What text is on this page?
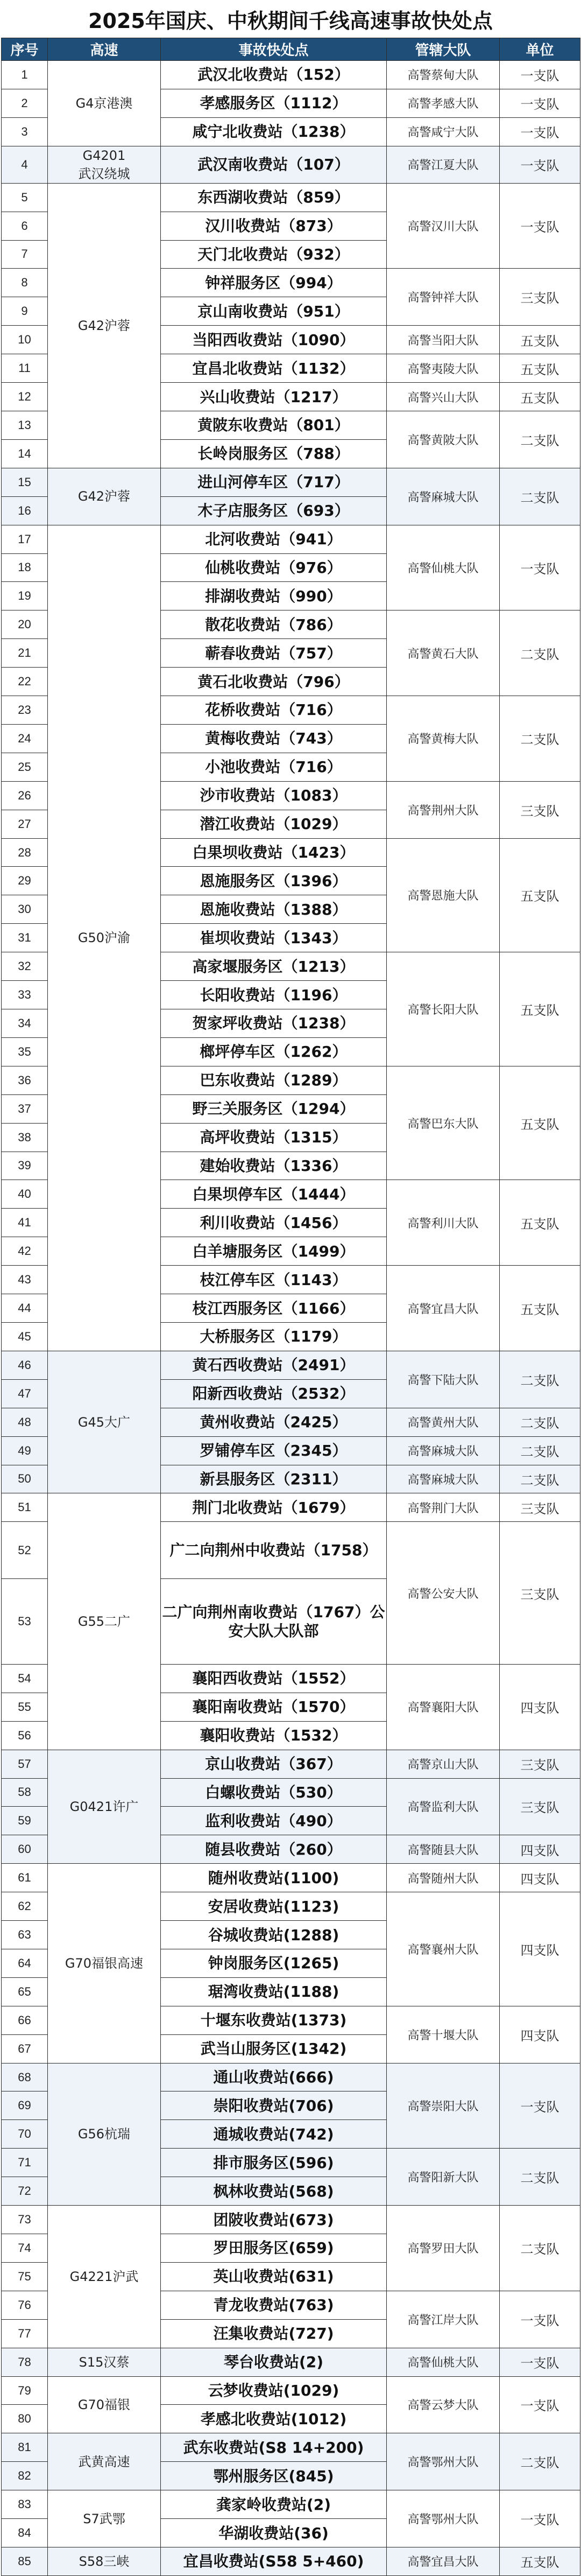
2025年国庆、中秋期间千线高速事故快处点
序号	高速	事故快处点	管辖大队	单位
1	G4京港澳	武汉北收费站（152）	高警蔡甸大队	一支队
2		孝感服务区（1112）	高警孝感大队	一支队
3		咸宁北收费站（1238）	高警咸宁大队	一支队
4	G4201
武汉绕城	武汉南收费站（107）	高警江夏大队	一支队
5	G42沪蓉	东西湖收费站（859）	高警汉川大队	一支队
6		汉川收费站（873）		
7		天门北收费站（932）		
8		钟祥服务区（994）	高警钟祥大队	三支队
9		京山南收费站（951）		
10		当阳西收费站（1090）	高警当阳大队	五支队
11		宜昌北收费站（1132）	高警夷陵大队	五支队
12		兴山收费站（1217）	高警兴山大队	五支队
13		黄陂东收费站（801）	高警黄陂大队	二支队
14		长岭岗服务区（788）		
15	G42沪蓉	进山河停车区（717）	高警麻城大队	二支队
16		木子店服务区（693）		
17	G50沪渝	北河收费站（941）	高警仙桃大队	一支队
18		仙桃收费站（976）		
19		排湖收费站（990）		
20		散花收费站（786）	高警黄石大队	二支队
21		蕲春收费站（757）		
22		黄石北收费站（796）		
23		花桥收费站（716）	高警黄梅大队	二支队
24		黄梅收费站（743）		
25		小池收费站（716）		
26		沙市收费站（1083）	高警荆州大队	三支队
27		潜江收费站（1029）		
28		白果坝收费站（1423）	高警恩施大队	五支队
29		恩施服务区（1396）		
30		恩施收费站（1388）		
31		崔坝收费站（1343）		
32		高家堰服务区（1213）	高警长阳大队	五支队
33		长阳收费站（1196）		
34		贺家坪收费站（1238）		
35		榔坪停车区（1262）		
36		巴东收费站（1289）	高警巴东大队	五支队
37		野三关服务区（1294）		
38		高坪收费站（1315）		
39		建始收费站（1336）		
40		白果坝停车区（1444）	高警利川大队	五支队
41		利川收费站（1456）		
42		白羊塘服务区（1499）		
43		枝江停车区（1143）	高警宜昌大队	五支队
44		枝江西服务区（1166）		
45		大桥服务区（1179）		
46	G45大广	黄石西收费站（2491）	高警下陆大队	二支队
47		阳新西收费站（2532）		
48		黄州收费站（2425）	高警黄州大队	二支队
49		罗铺停车区（2345）	高警麻城大队	二支队
50		新县服务区（2311）	高警麻城大队	二支队
51	G55二广	荆门北收费站（1679）	高警荆门大队	三支队
52		广二向荆州中收费站（1758）	高警公安大队	三支队
53		二广向荆州南收费站（1767）公安大队大队部		
54		襄阳西收费站（1552）	高警襄阳大队	四支队
55		襄阳南收费站（1570）		
56		襄阳收费站（1532）		
57	G0421许广	京山收费站（367）	高警京山大队	三支队
58		白螺收费站（530）	高警监利大队	三支队
59		监利收费站（490）		
60		随县收费站（260）	高警随县大队	四支队
61	G70福银高速	随州收费站(1100)	高警随州大队	四支队
62		安居收费站(1123)	高警襄州大队	四支队
63		谷城收费站(1288)		
64		钟岗服务区(1265)		
65		琚湾收费站(1188)		
66		十堰东收费站(1373)	高警十堰大队	四支队
67		武当山服务区(1342)		
68	G56杭瑞	通山收费站(666)	高警崇阳大队	一支队
69		崇阳收费站(706)		
70		通城收费站(742)		
71		排市服务区(596)	高警阳新大队	二支队
72		枫林收费站(568)		
73	G4221沪武	团陂收费站(673)	高警罗田大队	二支队
74		罗田服务区(659)		
75		英山收费站(631)		
76		青龙收费站(763)	高警江岸大队	一支队
77		汪集收费站(727)		
78	S15汉蔡	琴台收费站(2)	高警仙桃大队	一支队
79	G70福银	云梦收费站(1029)	高警云梦大队	一支队
80		孝感北收费站(1012)		
81	武黄高速	武东收费站(S8 14+200)	高警鄂州大队	二支队
82		鄂州服务区(845)		
83	S7武鄂	龚家岭收费站(2)	高警鄂州大队	一支队
84		华湖收费站(36)		
85	S58三峡	宜昌收费站(S58 5+460)	高警宜昌大队	五支队
